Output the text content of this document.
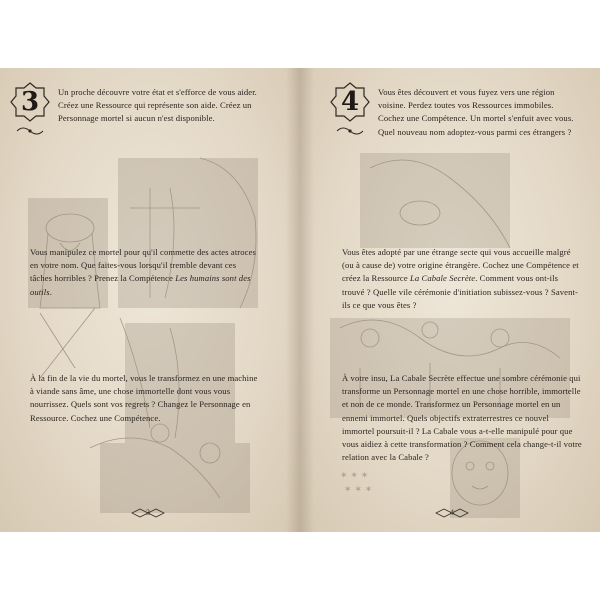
3	Un proche découvre votre état et s'efforce de vous aider. Créez une Ressource qui représente son aide. Créez un Personnage mortel si aucun n'est disponible.

Vous manipulez ce mortel pour qu'il commette des actes atroces en votre nom. Que faites-vous lorsqu'il tremble devant ces tâches horribles ? Prenez la Compétence Les humains sont des outils.

À la fin de la vie du mortel, vous le transformez en une machine à viande sans âme, une chose immortelle dont vous vous nourrissez. Quels sont vos regrets ? Changez le Personnage en Ressource. Cochez une Compétence.

3
✶ ✶ ✶
✶ ✶ ✶
4	Vous êtes découvert et vous fuyez vers une région voisine. Perdez toutes vos Ressources immobiles. Cochez une Compétence. Un mortel s'enfuit avec vous. Quel nouveau nom adoptez-vous parmi ces étrangers ?

Vous êtes adopté par une étrange secte qui vous accueille malgré (ou à cause de) votre origine étrangère. Cochez une Compétence et créez la Ressource La Cabale Secrète. Comment vous ont-ils trouvé ? Quelle vile cérémonie d'initiation subissez-vous ? Savent-ils ce que vous êtes ?

À votre insu, La Cabale Secrète effectue une sombre cérémonie qui transforme un Personnage mortel en une chose horrible, immortelle et non de ce monde. Transformez un Personnage mortel en un ennemi immortel. Quels objectifs extraterrestres ce nouvel immortel poursuit-il ? La Cabale vous a-t-elle manipulé pour que vous aidiez à cette transformation ? Comment cela change-t-il votre relation avec la Cabale ?

4
